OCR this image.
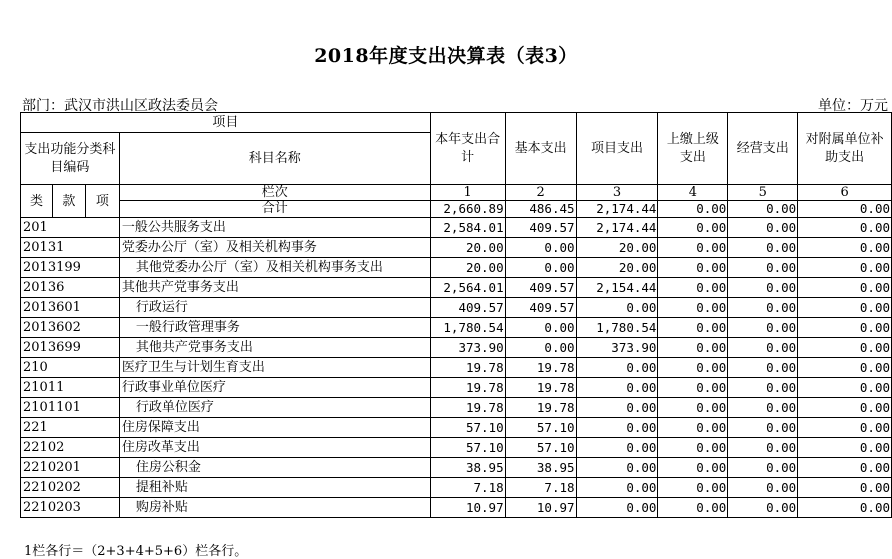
2018年度支出决算表（表3）
部门：武汉市洪山区政法委员会	单位：万元
项目				本年支出合计	基本支出	项目支出	上缴上级支出	经营支出	对附属单位补助支出
支出功能分类科目编码			科目名称						

类	款	项	栏次	1	2	3	4	5	6
			合计	2,660.89	486.45	2,174.44	0.00	0.00	0.00
201			一般公共服务支出	2,584.01	409.57	2,174.44	0.00	0.00	0.00
20131			党委办公厅（室）及相关机构事务	20.00	0.00	20.00	0.00	0.00	0.00
2013199			其他党委办公厅（室）及相关机构事务支出	20.00	0.00	20.00	0.00	0.00	0.00
20136			其他共产党事务支出	2,564.01	409.57	2,154.44	0.00	0.00	0.00
2013601			行政运行	409.57	409.57	0.00	0.00	0.00	0.00
2013602			一般行政管理事务	1,780.54	0.00	1,780.54	0.00	0.00	0.00
2013699			其他共产党事务支出	373.90	0.00	373.90	0.00	0.00	0.00
210			医疗卫生与计划生育支出	19.78	19.78	0.00	0.00	0.00	0.00
21011			行政事业单位医疗	19.78	19.78	0.00	0.00	0.00	0.00
2101101			行政单位医疗	19.78	19.78	0.00	0.00	0.00	0.00
221			住房保障支出	57.10	57.10	0.00	0.00	0.00	0.00
22102			住房改革支出	57.10	57.10	0.00	0.00	0.00	0.00
2210201			住房公积金	38.95	38.95	0.00	0.00	0.00	0.00
2210202			提租补贴	7.18	7.18	0.00	0.00	0.00	0.00
2210203			购房补贴	10.97	10.97	0.00	0.00	0.00	0.00
1栏各行＝（2+3+4+5+6）栏各行。
